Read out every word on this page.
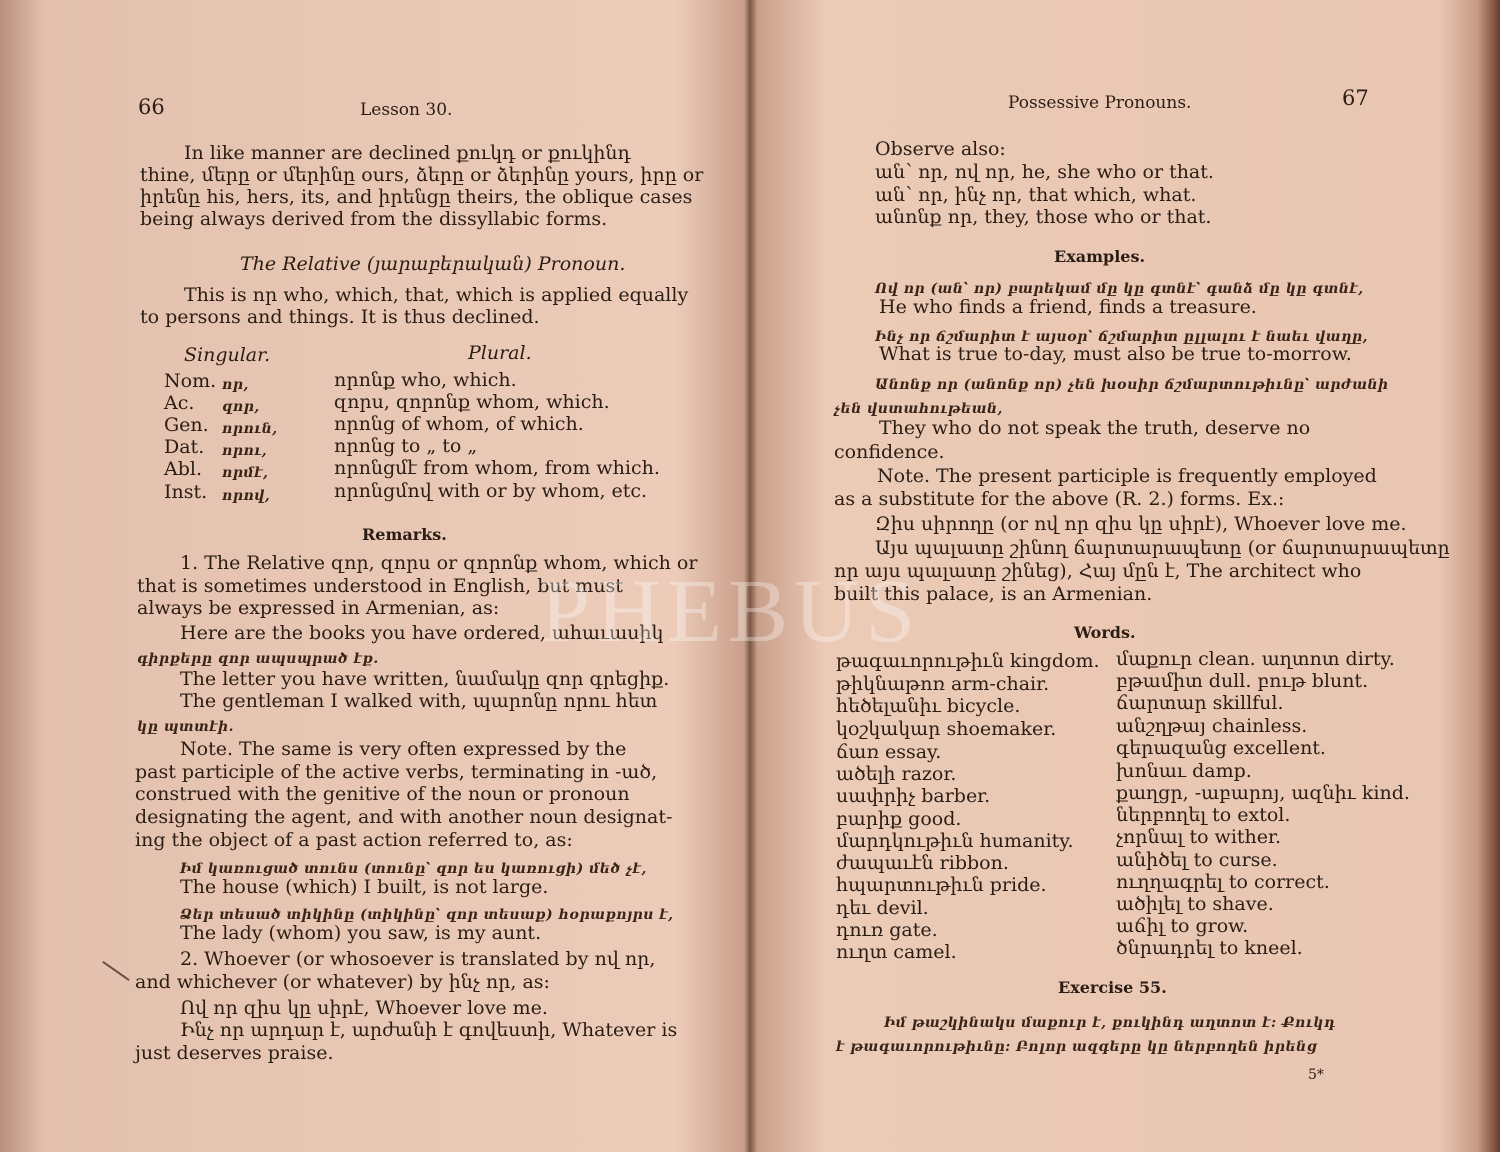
66	Lesson 30.
In like manner are declined քուկդ or քուկինդ
thine, մերը or մերինը ours, ձերը or ձերինը yours, իրը or
իրենը his, hers, its, and իրենցը theirs, the oblique cases
being always derived from the dissyllabic forms.
The Relative (յարաբերական) Pronoun.
This is որ who, which, that, which is applied equally
to persons and things. It is thus declined.
Singular.	Plural.
Nom. որ,	որոնք who, which.
Ac. զոր,	զորս, զորոնք whom, which.
Gen. որուն,	որոնց of whom, of which.
Dat. որու,	որոնց to „ to „
Abl. որմէ,	որոնցմէ from whom, from which.
Inst. որով,	որոնցմով with or by whom, etc.
Remarks.
1. The Relative զոր, զորս or զորոնք whom, which or
that is sometimes understood in English, but must
always be expressed in Armenian, as:
Here are the books you have ordered, ահաւասիկ
գիրքերը զոր ապսպրած էք.
The letter you have written, նամակը զոր գրեցիք.
The gentleman I walked with, պարոնը որու հետ
կը պտտէի.
Note. The same is very often expressed by the
past participle of the active verbs, terminating in -ած,
construed with the genitive of the noun or pronoun
designating the agent, and with another noun designat-
ing the object of a past action referred to, as:
Իմ կառուցած տունս (տունը՝ զոր ես կառուցի) մեծ չէ,
The house (which) I built, is not large.
Ձեր տեսած տիկինը (տիկինը՝ զոր տեսաք) հօրաքոյրս է,
The lady (whom) you saw, is my aunt.
2. Whoever (or whosoever is translated by ով որ,
and whichever (or whatever) by ինչ որ, as:
Ով որ զիս կը սիրէ, Whoever love me.
Ինչ որ արդար է, արժանի է գովեստի, Whatever is
just deserves praise.
Possessive Pronouns.	67
Observe also:
ան՝ որ, ով որ, he, she who or that.
ան՝ որ, ինչ որ, that which, what.
անոնք որ, they, those who or that.
Examples.
Ով որ (ան՝ որ) բարեկամ մը կը գտնէ՝ գանձ մը կը գտնէ,
He who finds a friend, finds a treasure.
Ինչ որ ճշմարիտ է այսօր՝ ճշմարիտ ըլլալու է նաեւ վաղը,
What is true to-day, must also be true to-morrow.
Անոնք որ (անոնք որ) չեն խօսիր ճշմարտութիւնը՝ արժանի
չեն վստահութեան,
They who do not speak the truth, deserve no
confidence.
Note. The present participle is frequently employed
as a substitute for the above (R. 2.) forms. Ex.:
Զիս սիրողը (or ով որ զիս կը սիրէ), Whoever love me.
Այս պալատը շինող ճարտարապետը (or ճարտարապետը
որ այս պալատը շինեց), Հայ մըն է, The architect who
built this palace, is an Armenian.
Words.
թագաւորութիւն kingdom.
թիկնաթոռ arm-chair.
հեծելանիւ bicycle.
կօշկակար shoemaker.
ճառ essay.
ածելի razor.
սափրիչ barber.
բարիք good.
մարդկութիւն humanity.
ժապաւէն ribbon.
հպարտութիւն pride.
դեւ devil.
դուռ gate.
ուղտ camel.
մաքուր clean. աղտոտ dirty.
բթամիտ dull. բութ blunt.
ճարտար skillful.
անշղթայ chainless.
գերազանց excellent.
խոնաւ damp.
քաղցր, -աբարոյ, ազնիւ kind.
ներբողել to extol.
չորնալ to wither.
անիծել to curse.
ուղղագրել to correct.
ածիլել to shave.
աճիլ to grow.
ծնրադրել to kneel.
Exercise 55.
Իմ թաշկինակս մաքուր է, քուկինդ աղտոտ է: Քուկդ
է թագաւորութիւնը: Բոլոր ազգերը կը ներբողեն իրենց
5*
PHEBUS
